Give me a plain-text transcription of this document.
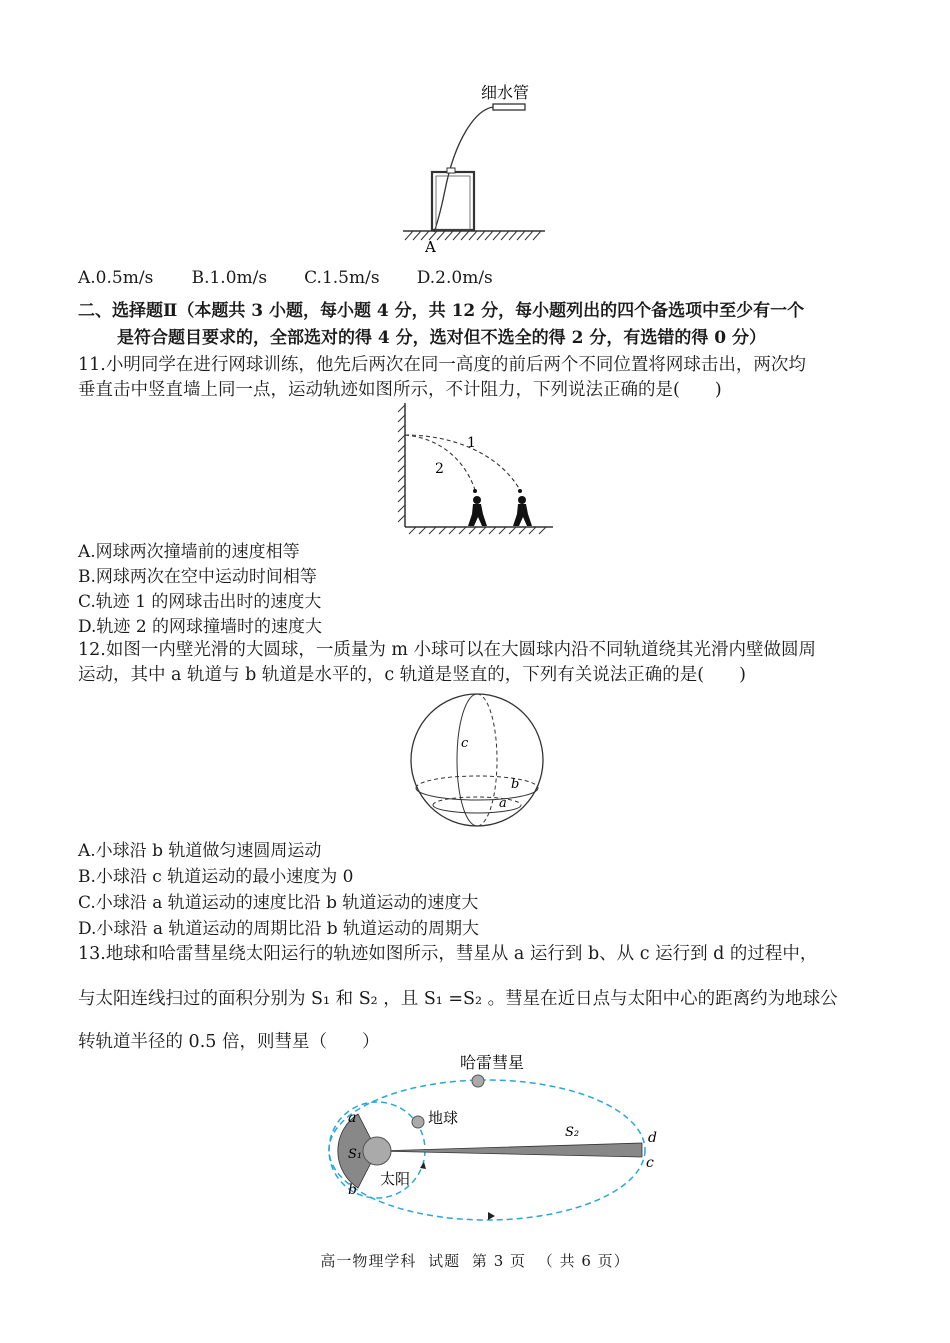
细水管
A
A.0.5m/s B.1.0m/s C.1.5m/s D.2.0m/s
二、选择题Ⅱ（本题共 3 小题，每小题 4 分，共 12 分，每小题列出的四个备选项中至少有一个
是符合题目要求的，全部选对的得 4 分，选对但不选全的得 2 分，有选错的得 0 分）
11.小明同学在进行网球训练，他先后两次在同一高度的前后两个不同位置将网球击出，两次均
垂直击中竖直墙上同一点，运动轨迹如图所示，不计阻力，下列说法正确的是(　　)
1
2
A.网球两次撞墙前的速度相等
B.网球两次在空中运动时间相等
C.轨迹 1 的网球击出时的速度大
D.轨迹 2 的网球撞墙时的速度大
12.如图一内壁光滑的大圆球，一质量为 m 小球可以在大圆球内沿不同轨道绕其光滑内壁做圆周
运动，其中 a 轨道与 b 轨道是水平的，c 轨道是竖直的，下列有关说法正确的是(　　)
c
b
a
A.小球沿 b 轨道做匀速圆周运动
B.小球沿 c 轨道运动的最小速度为 0
C.小球沿 a 轨道运动的速度比沿 b 轨道运动的速度大
D.小球沿 a 轨道运动的周期比沿 b 轨道运动的周期大
13.地球和哈雷彗星绕太阳运行的轨迹如图所示，彗星从 a 运行到 b、从 c 运行到 d 的过程中，
与太阳连线扫过的面积分别为 S₁ 和 S₂ ，且 S₁ =S₂ 。彗星在近日点与太阳中心的距离约为地球公
转轨道半径的 0.5 倍，则彗星（　　）
哈雷彗星
地球
太阳
S₁
S₂
a
b
d
c
高一物理学科 试题 第 3 页 （ 共 6 页）
